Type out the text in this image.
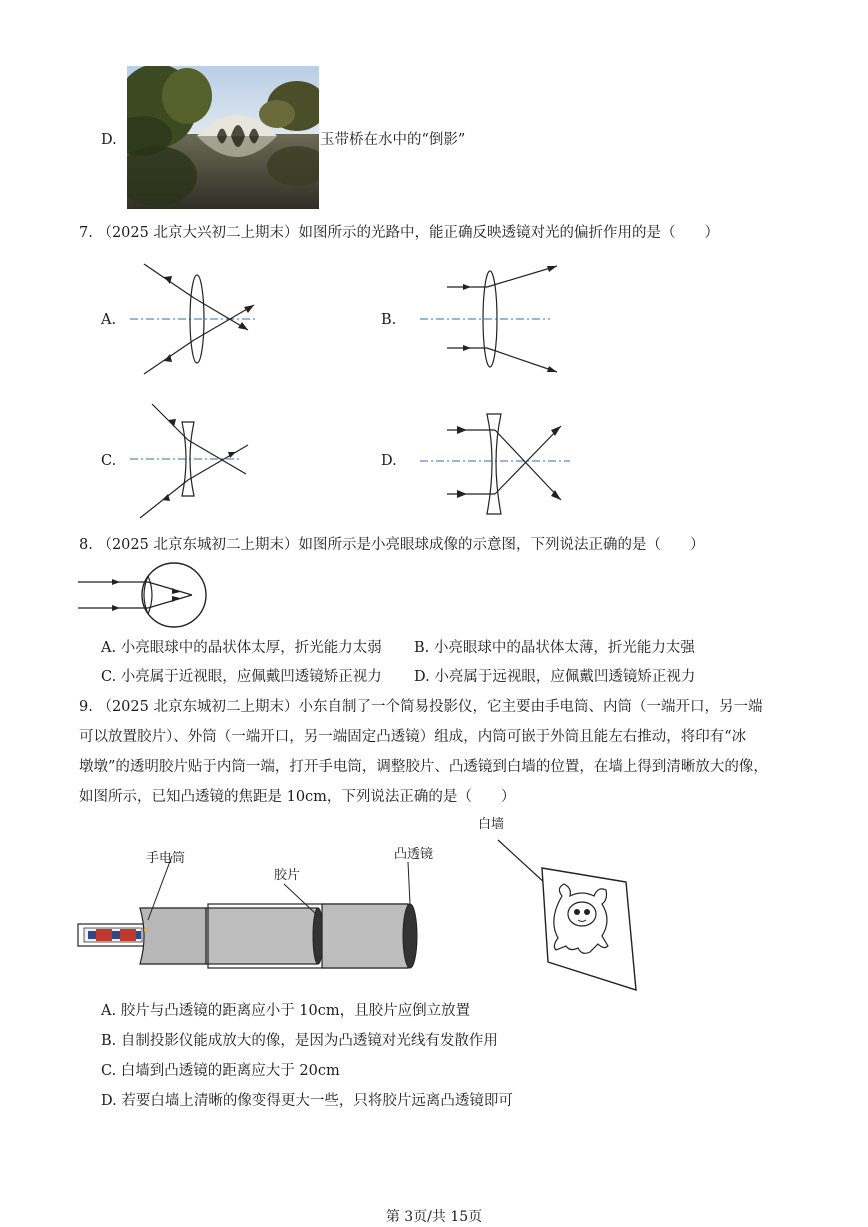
D.	玉带桥在水中的“倒影”
7. （2025 北京大兴初二上期末）如图所示的光路中，能正确反映透镜对光的偏折作用的是（　　）
A.	B.
C.	D.
8. （2025 北京东城初二上期末）如图所示是小亮眼球成像的示意图，下列说法正确的是（　　）
A. 小亮眼球中的晶状体太厚，折光能力太弱 B. 小亮眼球中的晶状体太薄，折光能力太强
C. 小亮属于近视眼，应佩戴凹透镜矫正视力 D. 小亮属于远视眼，应佩戴凹透镜矫正视力
9. （2025 北京东城初二上期末）小东自制了一个简易投影仪，它主要由手电筒、内筒（一端开口，另一端
可以放置胶片）、外筒（一端开口，另一端固定凸透镜）组成，内筒可嵌于外筒且能左右推动，将印有“冰
墩墩”的透明胶片贴于内筒一端，打开手电筒，调整胶片、凸透镜到白墙的位置，在墙上得到清晰放大的像，
如图所示，已知凸透镜的焦距是 10cm，下列说法正确的是（　　）
手电筒
胶片
凸透镜
白墙
A. 胶片与凸透镜的距离应小于 10cm，且胶片应倒立放置
B. 自制投影仪能成放大的像，是因为凸透镜对光线有发散作用
C. 白墙到凸透镜的距离应大于 20cm
D. 若要白墙上清晰的像变得更大一些，只将胶片远离凸透镜即可
第 3页/共 15页
